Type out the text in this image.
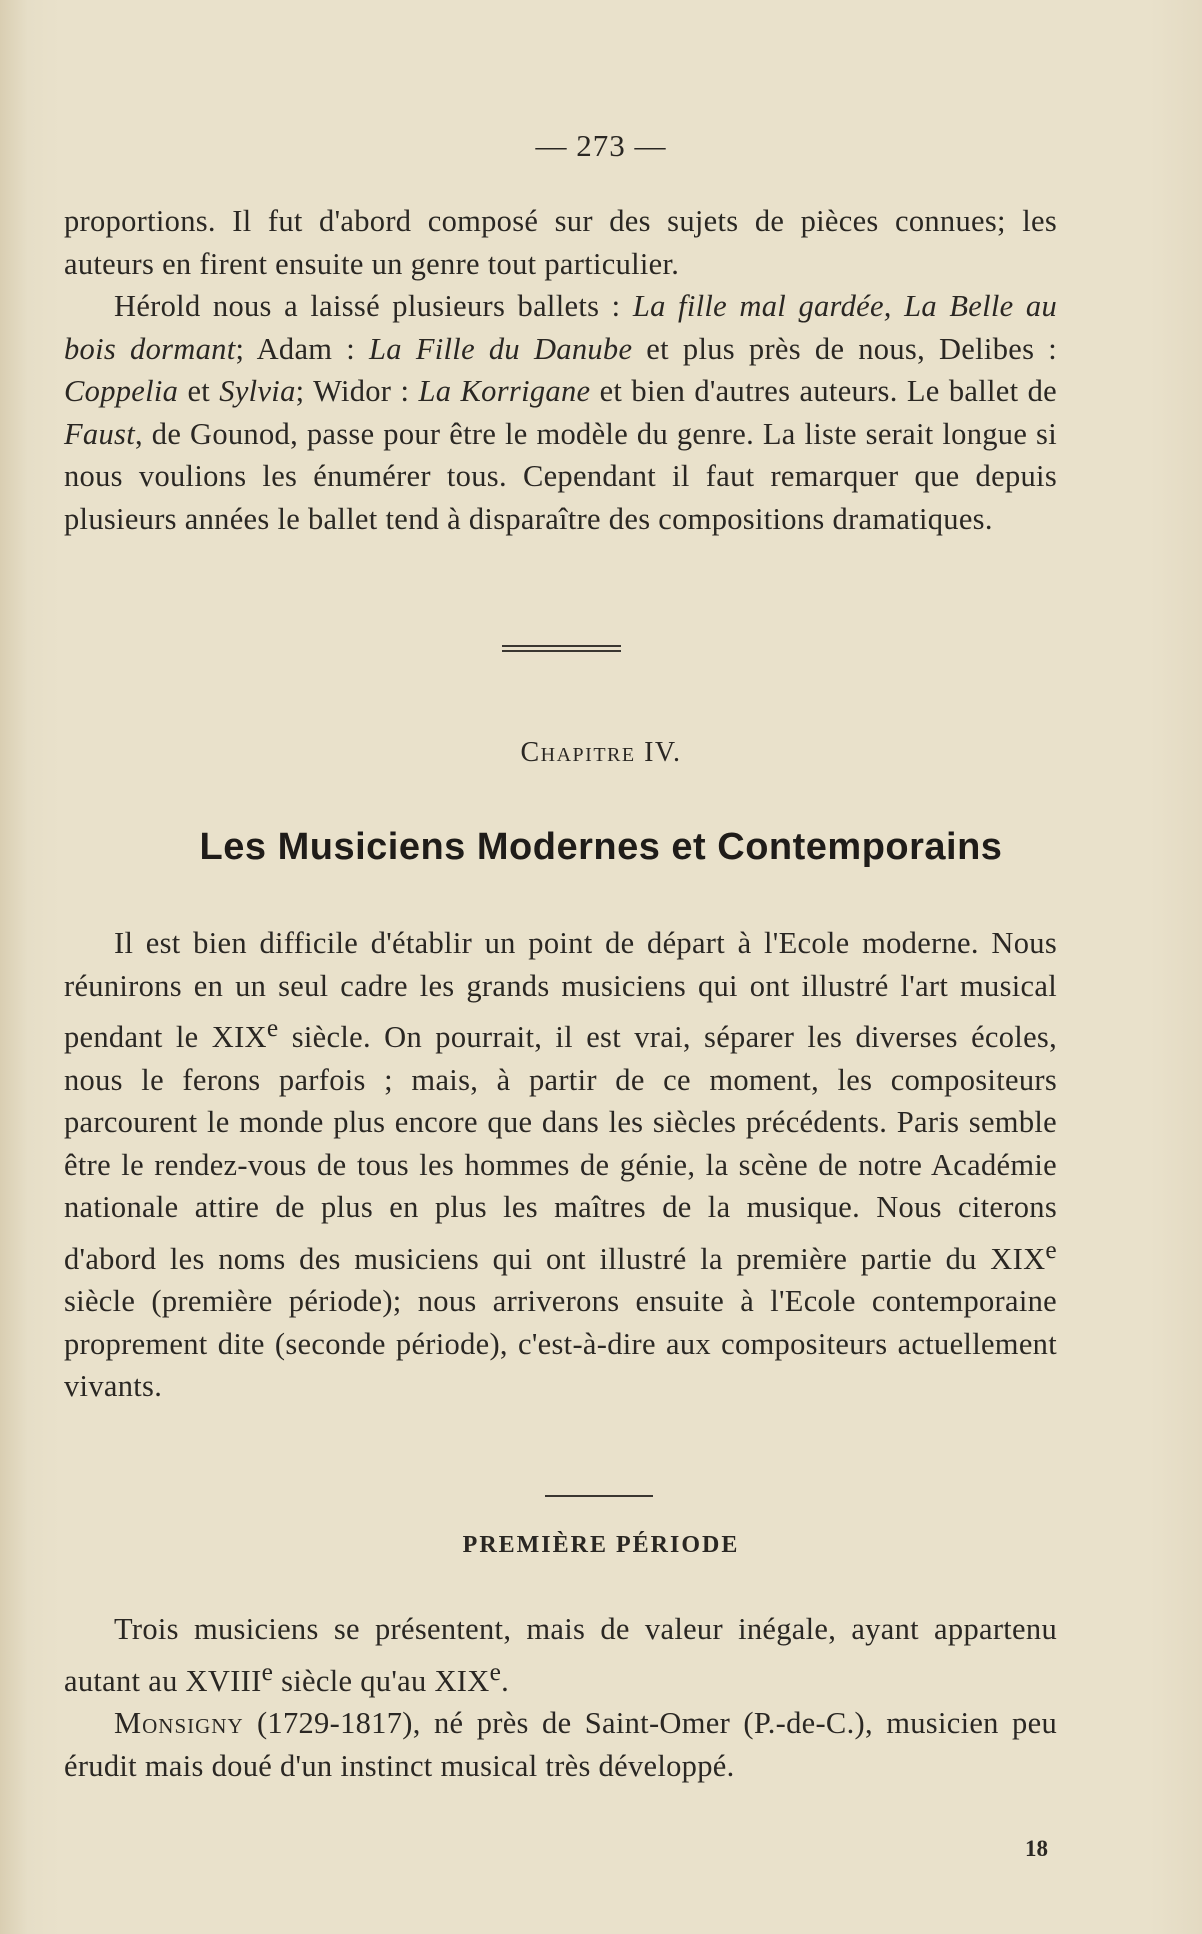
— 273 —

proportions. Il fut d'abord composé sur des sujets de pièces connues; les auteurs en firent ensuite un genre tout particulier.

Hérold nous a laissé plusieurs ballets : La fille mal gardée, La Belle au bois dormant; Adam : La Fille du Danube et plus près de nous, Delibes : Coppelia et Sylvia; Widor : La Korrigane et bien d'autres auteurs. Le ballet de Faust, de Gounod, passe pour être le modèle du genre. La liste serait longue si nous voulions les énumérer tous. Cependant il faut remarquer que depuis plusieurs années le ballet tend à disparaître des compositions dramatiques.

Chapitre IV.
Les Musiciens Modernes et Contemporains

Il est bien difficile d'établir un point de départ à l'Ecole moderne. Nous réunirons en un seul cadre les grands musiciens qui ont illustré l'art musical pendant le XIXe siècle. On pourrait, il est vrai, séparer les diverses écoles, nous le ferons parfois ; mais, à partir de ce moment, les compositeurs parcourent le monde plus encore que dans les siècles précédents. Paris semble être le rendez-vous de tous les hommes de génie, la scène de notre Académie nationale attire de plus en plus les maîtres de la musique. Nous citerons d'abord les noms des musiciens qui ont illustré la première partie du XIXe siècle (première période); nous arriverons ensuite à l'Ecole contemporaine proprement dite (seconde période), c'est-à-dire aux compositeurs actuellement vivants.

PREMIÈRE PÉRIODE

Trois musiciens se présentent, mais de valeur inégale, ayant appartenu autant au XVIIIe siècle qu'au XIXe.

Monsigny (1729-1817), né près de Saint-Omer (P.-de-C.), musicien peu érudit mais doué d'un instinct musical très développé.

18
